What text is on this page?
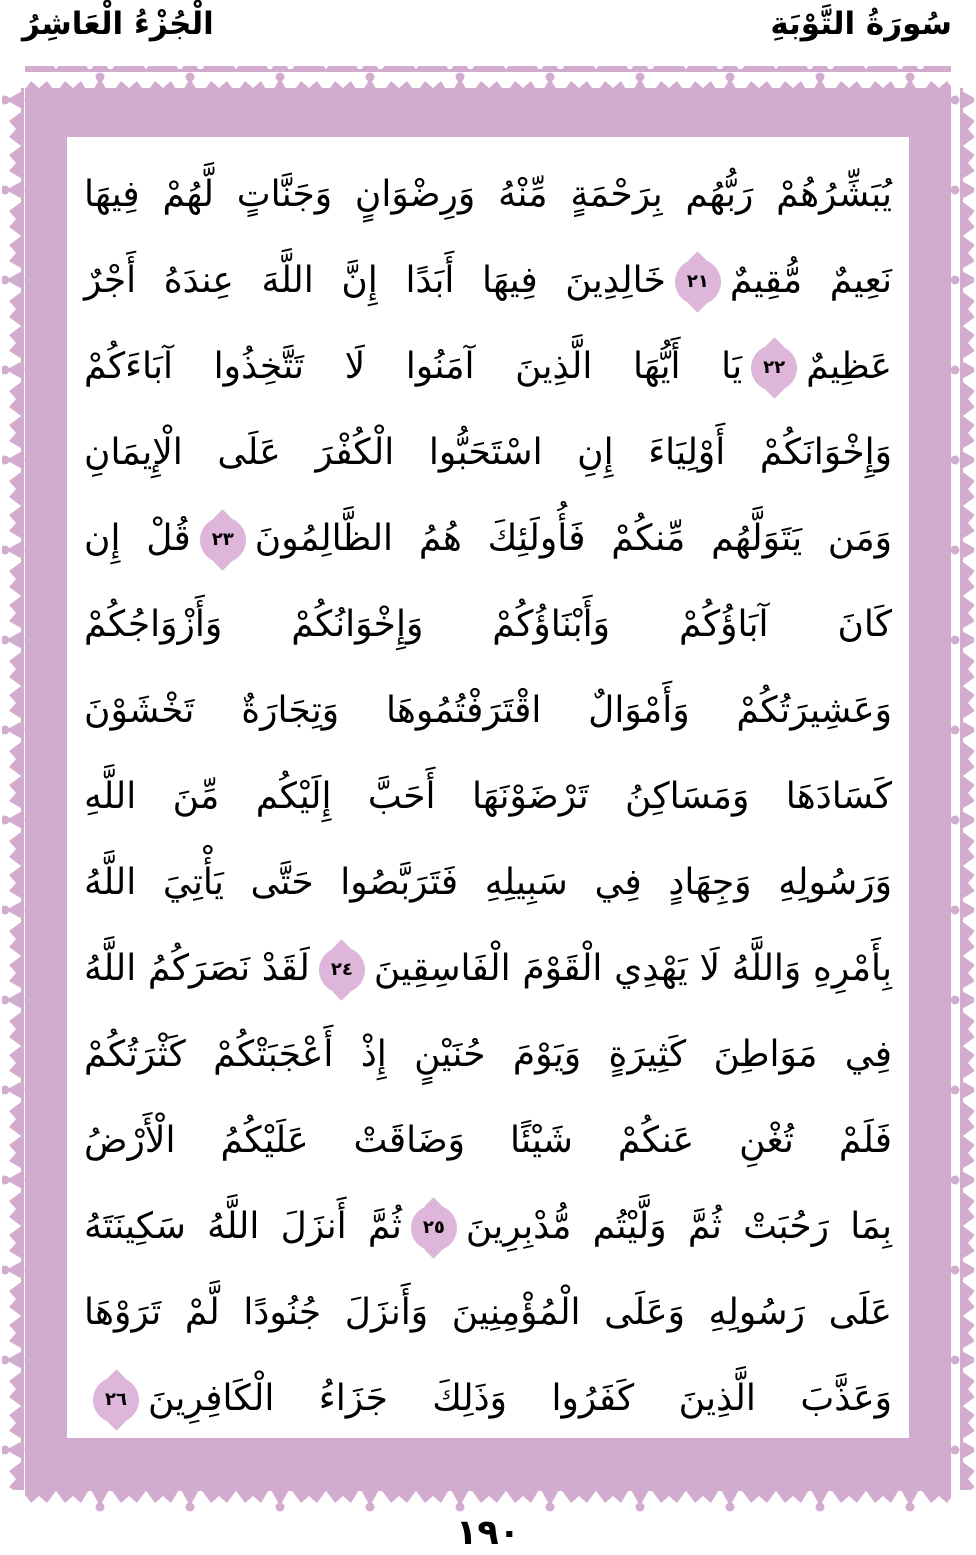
سُورَةُ التَّوْبَةِ
الْجُزْءُ الْعَاشِرُ
يُبَشِّرُهُمْ رَبُّهُم بِرَحْمَةٍ مِّنْهُ وَرِضْوَانٍ وَجَنَّاتٍ لَّهُمْ فِيهَا
نَعِيمٌ مُّقِيمٌ
٢١
خَالِدِينَ فِيهَا أَبَدًا إِنَّ اللَّهَ عِندَهُ أَجْرٌ
عَظِيمٌ
٢٢
يَا أَيُّهَا الَّذِينَ آمَنُوا لَا تَتَّخِذُوا آبَاءَكُمْ
وَإِخْوَانَكُمْ أَوْلِيَاءَ إِنِ اسْتَحَبُّوا الْكُفْرَ عَلَى الْإِيمَانِ
وَمَن يَتَوَلَّهُم مِّنكُمْ فَأُولَئِكَ هُمُ الظَّالِمُونَ
٢٣
قُلْ إِن
كَانَ آبَاؤُكُمْ وَأَبْنَاؤُكُمْ وَإِخْوَانُكُمْ وَأَزْوَاجُكُمْ
وَعَشِيرَتُكُمْ وَأَمْوَالٌ اقْتَرَفْتُمُوهَا وَتِجَارَةٌ تَخْشَوْنَ
كَسَادَهَا وَمَسَاكِنُ تَرْضَوْنَهَا أَحَبَّ إِلَيْكُم مِّنَ اللَّهِ
وَرَسُولِهِ وَجِهَادٍ فِي سَبِيلِهِ فَتَرَبَّصُوا حَتَّى يَأْتِيَ اللَّهُ
بِأَمْرِهِ وَاللَّهُ لَا يَهْدِي الْقَوْمَ الْفَاسِقِينَ
٢٤
لَقَدْ نَصَرَكُمُ اللَّهُ
فِي مَوَاطِنَ كَثِيرَةٍ وَيَوْمَ حُنَيْنٍ إِذْ أَعْجَبَتْكُمْ كَثْرَتُكُمْ
فَلَمْ تُغْنِ عَنكُمْ شَيْئًا وَضَاقَتْ عَلَيْكُمُ الْأَرْضُ
بِمَا رَحُبَتْ ثُمَّ وَلَّيْتُم مُّدْبِرِينَ
٢٥
ثُمَّ أَنزَلَ اللَّهُ سَكِينَتَهُ
عَلَى رَسُولِهِ وَعَلَى الْمُؤْمِنِينَ وَأَنزَلَ جُنُودًا لَّمْ تَرَوْهَا
وَعَذَّبَ الَّذِينَ كَفَرُوا وَذَلِكَ جَزَاءُ الْكَافِرِينَ
٢٦
١٩٠
